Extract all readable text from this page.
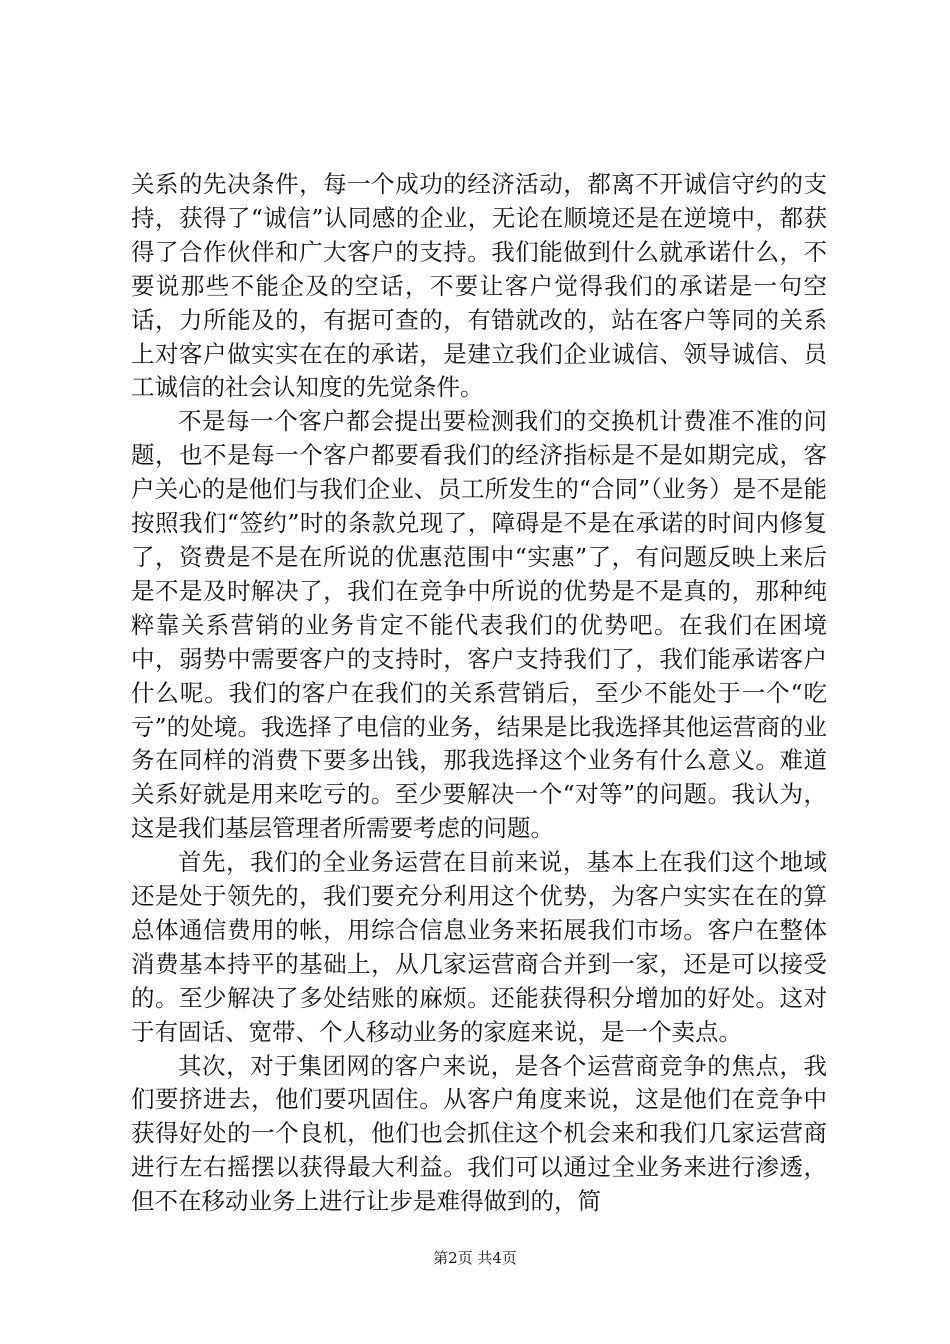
关系的先决条件，每一个成功的经济活动，都离不开诚信守约的支持，获得了“诚信”认同感的企业，无论在顺境还是在逆境中，都获得了合作伙伴和广大客户的支持。我们能做到什么就承诺什么，不要说那些不能企及的空话，不要让客户觉得我们的承诺是一句空话，力所能及的，有据可查的，有错就改的，站在客户等同的关系上对客户做实实在在的承诺，是建立我们企业诚信、领导诚信、员工诚信的社会认知度的先觉条件。

不是每一个客户都会提出要检测我们的交换机计费准不准的问题，也不是每一个客户都要看我们的经济指标是不是如期完成，客户关心的是他们与我们企业、员工所发生的“合同”（业务）是不是能按照我们“签约”时的条款兑现了，障碍是不是在承诺的时间内修复了，资费是不是在所说的优惠范围中“实惠”了，有问题反映上来后是不是及时解决了，我们在竞争中所说的优势是不是真的，那种纯粹靠关系营销的业务肯定不能代表我们的优势吧。在我们在困境中，弱势中需要客户的支持时，客户支持我们了，我们能承诺客户什么呢。我们的客户在我们的关系营销后，至少不能处于一个“吃亏”的处境。我选择了电信的业务，结果是比我选择其他运营商的业务在同样的消费下要多出钱，那我选择这个业务有什么意义。难道关系好就是用来吃亏的。至少要解决一个“对等”的问题。我认为，这是我们基层管理者所需要考虑的问题。

首先，我们的全业务运营在目前来说，基本上在我们这个地域还是处于领先的，我们要充分利用这个优势，为客户实实在在的算总体通信费用的帐，用综合信息业务来拓展我们市场。客户在整体消费基本持平的基础上，从几家运营商合并到一家，还是可以接受的。至少解决了多处结账的麻烦。还能获得积分增加的好处。这对于有固话、宽带、个人移动业务的家庭来说，是一个卖点。

其次，对于集团网的客户来说，是各个运营商竞争的焦点，我们要挤进去，他们要巩固住。从客户角度来说，这是他们在竞争中获得好处的一个良机，他们也会抓住这个机会来和我们几家运营商进行左右摇摆以获得最大利益。我们可以通过全业务来进行渗透，但不在移动业务上进行让步是难得做到的，简

第2页 共4页
